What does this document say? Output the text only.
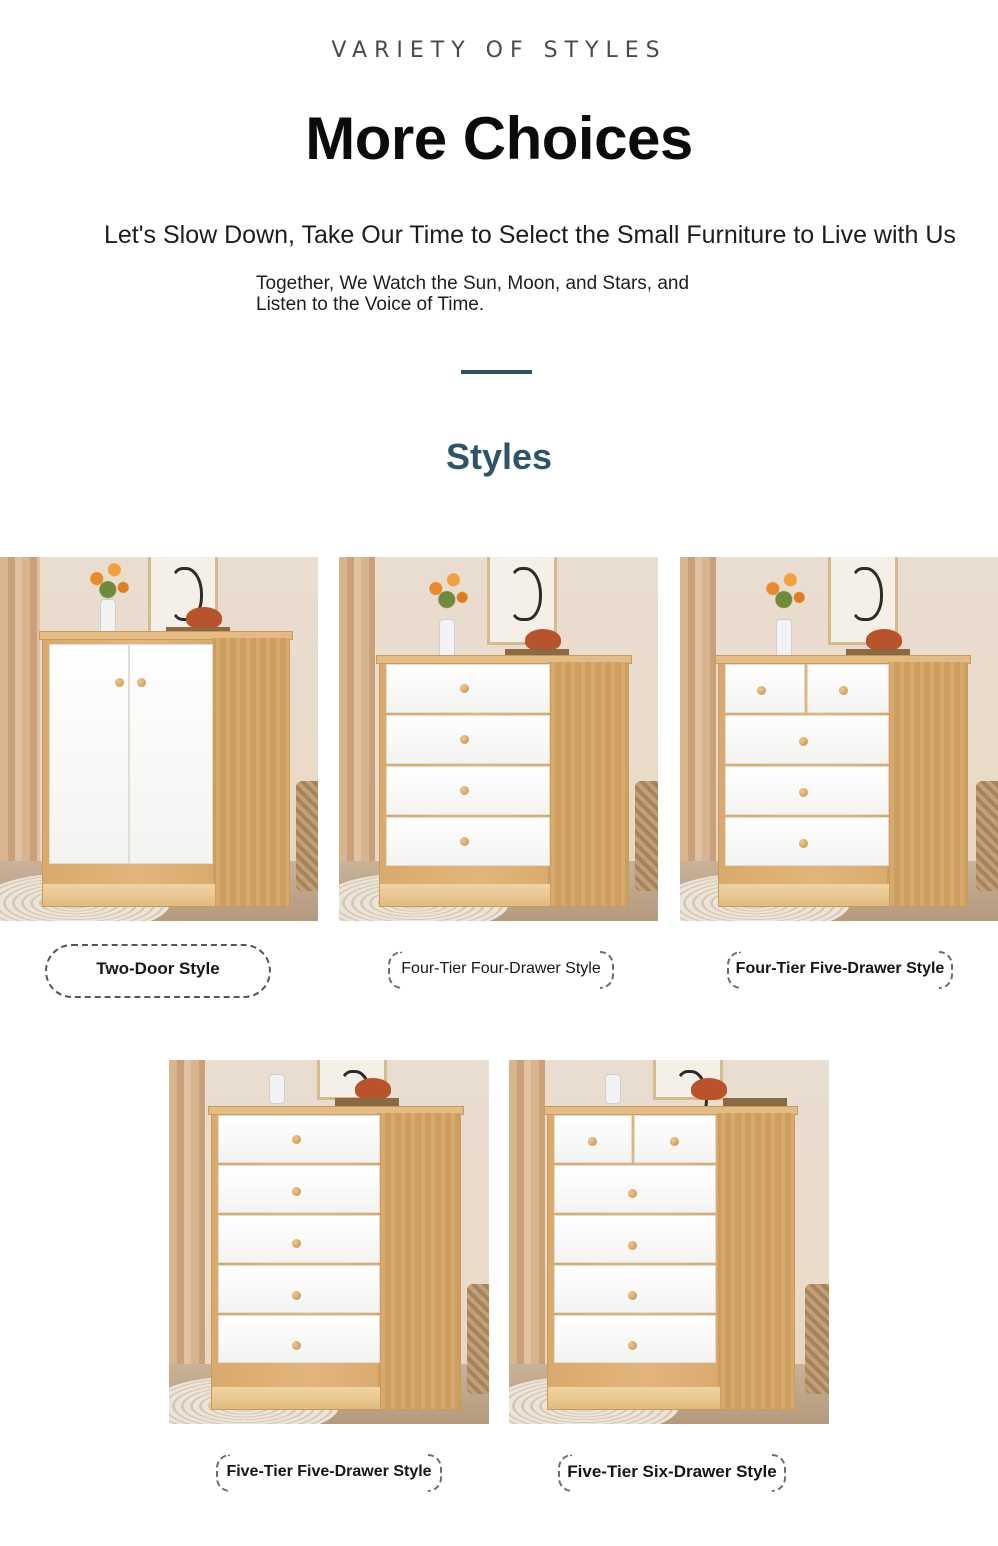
VARIETY OF STYLES
More Choices
Let's Slow Down, Take Our Time to Select the Small Furniture to Live with Us
Together, We Watch the Sun, Moon, and Stars, and Listen to the Voice of Time.
Styles
Two-Door Style	Four-Tier Four-Drawer Style	Four-Tier Five-Drawer Style
Five-Tier Five-Drawer Style	Five-Tier Six-Drawer Style
